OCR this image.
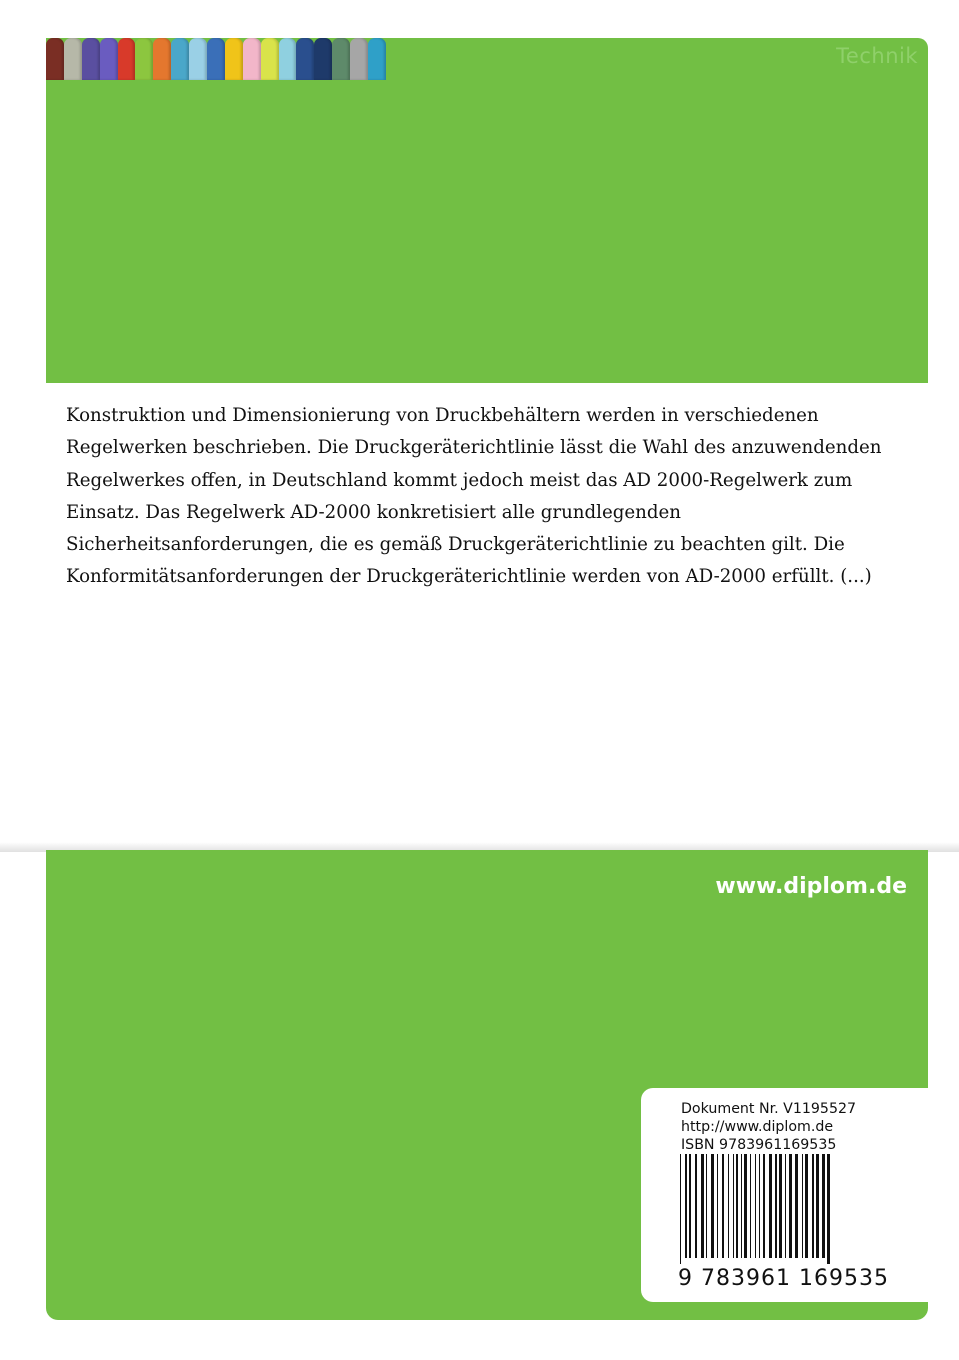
Technik

Konstruktion und Dimensionierung von Druckbehältern werden in verschiedenen Regelwerken beschrieben. Die Druckgeräterichtlinie lässt die Wahl des anzuwendenden Regelwerkes offen, in Deutschland kommt jedoch meist das AD 2000-Regelwerk zum Einsatz. Das Regelwerk AD-2000 konkretisiert alle grundlegenden Sicherheitsanforderungen, die es gemäß Druckgeräterichtlinie zu beachten gilt. Die Konformitätsanforderungen der Druckgeräterichtlinie werden von AD-2000 erfüllt. (...)

www.diplom.de
Dokument Nr. V1195527
http://www.diplom.de
ISBN 9783961169535
9 783961 169535
